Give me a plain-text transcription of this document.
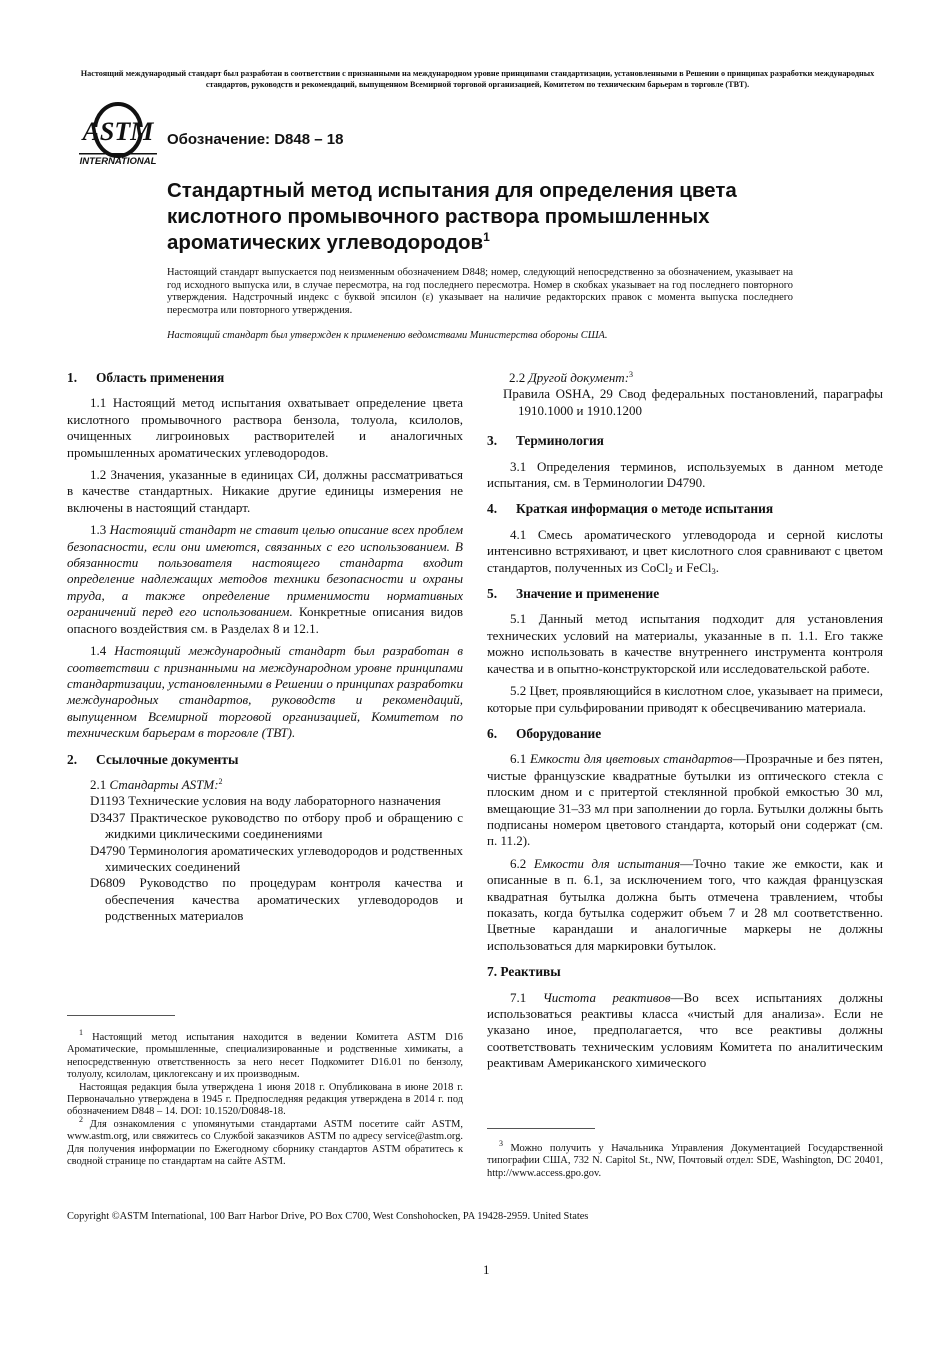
Настоящий международный стандарт был разработан в соответствии с признанными на международном уровне принципами стандартизации, установленными в Решении о принципах разработки международных стандартов, руководств и рекомендаций, выпущенном Всемирной торговой организацией, Комитетом по техническим барьерам в торговле (ТВТ).
ASTM
INTERNATIONAL
Обозначение: D848 – 18
Стандартный метод испытания для определения цвета кислотного промывочного раствора промышленных ароматических углеводородов$^1$
Настоящий стандарт выпускается под неизменным обозначением D848; номер, следующий непосредственно за обозначением, указывает на год исходного выпуска или, в случае пересмотра, на год последнего пересмотра. Номер в скобках указывает на год последнего повторного утверждения. Надстрочный индекс с буквой эпсилон (ε) указывает на наличие редакторских правок с момента выпуска последнего пересмотра или повторного утверждения.
Настоящий стандарт был утвержден к применению ведомствами Министерства обороны США.
1. Область применения

1.1 Настоящий метод испытания охватывает определение цвета кислотного промывочного раствора бензола, толуола, ксилолов, очищенных лигроиновых растворителей и аналогичных промышленных ароматических углеводородов.

1.2 Значения, указанные в единицах СИ, должны рассматриваться в качестве стандартных. Никакие другие единицы измерения не включены в настоящий стандарт.

1.3 Настоящий стандарт не ставит целью описание всех проблем безопасности, если они имеются, связанных с его использованием. В обязанности пользователя настоящего стандарта входит определение надлежащих методов техники безопасности и охраны труда, а также определение применимости нормативных ограничений перед его использованием. Конкретные описания видов опасного воздействия см. в Разделах 8 и 12.1.

1.4 Настоящий международный стандарт был разработан в соответствии с признанными на международном уровне принципами стандартизации, установленными в Решении о принципах разработки международных стандартов, руководств и рекомендаций, выпущенном Всемирной торговой организацией, Комитетом по техническим барьерам в торговле (ТВТ).

2. Ссылочные документы

2.1 Стандарты ASTM:$^2$

D1193 Технические условия на воду лабораторного назначения

D3437 Практическое руководство по отбору проб и обращению с жидкими циклическими соединениями

D4790 Терминология ароматических углеводородов и родственных химических соединений

D6809 Руководство по процедурам контроля качества и обеспечения качества ароматических углеводородов и родственных материалов

$^1$ Настоящий метод испытания находится в ведении Комитета ASTM D16 Ароматические, промышленные, специализированные и родственные химикаты, а непосредственную ответственность за него несет Подкомитет D16.01 по бензолу, толуолу, ксилолам, циклогексану и их производным.

Настоящая редакция была утверждена 1 июня 2018 г. Опубликована в июне 2018 г. Первоначально утверждена в 1945 г. Предпоследняя редакция утверждена в 2014 г. под обозначением D848 – 14. DOI: 10.1520/D0848-18.

$^2$ Для ознакомления с упомянутыми стандартами ASTM посетите сайт ASTM, www.astm.org, или свяжитесь со Службой заказчиков ASTM по адресу service@astm.org. Для получения информации по Ежегодному сборнику стандартов ASTM обратитесь к сводной странице по стандартам на сайте ASTM.

2.2 Другой документ:$^3$

Правила OSHA, 29 Свод федеральных постановлений, параграфы 1910.1000 и 1910.1200

3. Терминология

3.1 Определения терминов, используемых в данном методе испытания, см. в Терминологии D4790.

4. Краткая информация о методе испытания

4.1 Смесь ароматического углеводорода и серной кислоты интенсивно встряхивают, и цвет кислотного слоя сравнивают с цветом стандартов, полученных из CoCl$_2$ и FeCl$_3$.

5. Значение и применение

5.1 Данный метод испытания подходит для установления технических условий на материалы, указанные в п. 1.1. Его также можно использовать в качестве внутреннего инструмента контроля качества и в опытно-конструкторской или исследовательской работе.

5.2 Цвет, проявляющийся в кислотном слое, указывает на примеси, которые при сульфировании приводят к обесцвечиванию материала.

6. Оборудование

6.1 Емкости для цветовых стандартов—Прозрачные и без пятен, чистые французские квадратные бутылки из оптического стекла с плоским дном и с притертой стеклянной пробкой емкостью 30 мл, вмещающие 31–33 мл при заполнении до горла. Бутылки должны быть подписаны номером цветового стандарта, который они содержат (см. п. 11.2).

6.2 Емкости для испытания—Точно такие же емкости, как и описанные в п. 6.1, за исключением того, что каждая французская квадратная бутылка должна быть отмечена травлением, чтобы показать, когда бутылка содержит объем 7 и 28 мл соответственно. Цветные карандаши и аналогичные маркеры не должны использоваться для маркировки бутылок.

7. Реактивы

7.1 Чистота реактивов—Во всех испытаниях должны использоваться реактивы класса «чистый для анализа». Если не указано иное, предполагается, что все реактивы должны соответствовать техническим условиям Комитета по аналитическим реактивам Американского химического

$^3$ Можно получить у Начальника Управления Документацией Государственной типографии США, 732 N. Capitol St., NW, Почтовый отдел: SDE, Washington, DC 20401, http://www.access.gpo.gov.

Copyright ©ASTM International, 100 Barr Harbor Drive, PO Box C700, West Conshohocken, PA 19428-2959. United States
1
